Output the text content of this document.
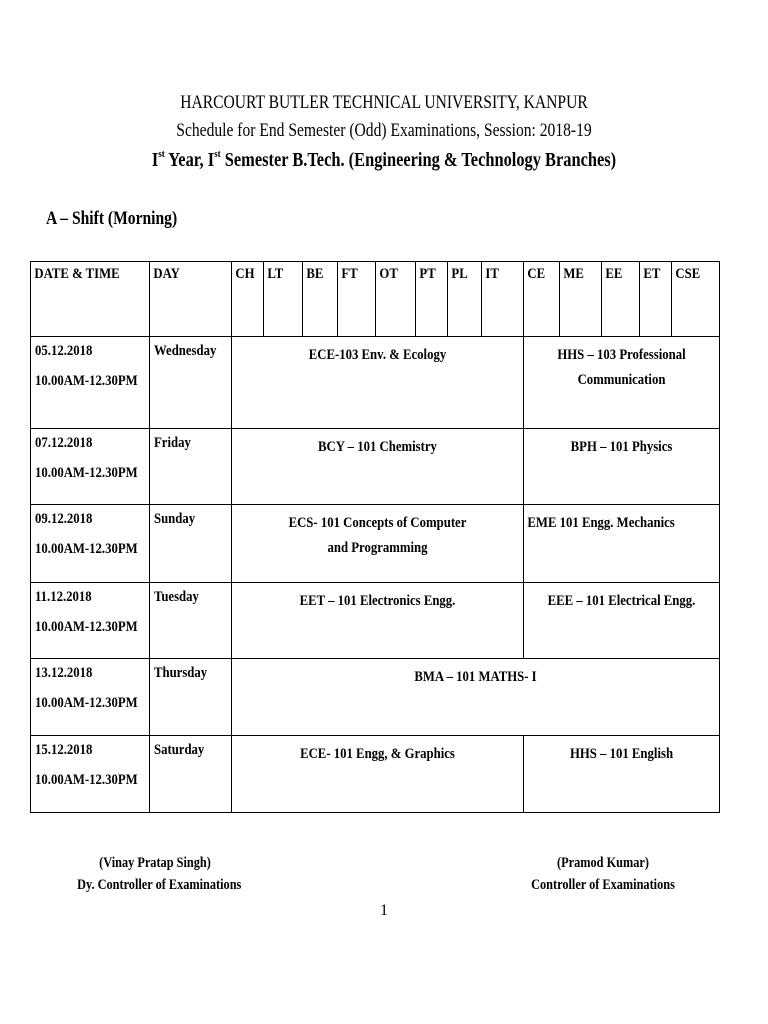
HARCOURT BUTLER TECHNICAL UNIVERSITY, KANPUR
Schedule for End Semester (Odd) Examinations, Session: 2018-19
Ist Year, Ist Semester B.Tech. (Engineering & Technology Branches)
A – Shift (Morning)
DATE & TIME	DAY	CH	LT	BE	FT	OT	PT	PL	IT	CE	ME	EE	ET	CSE

05.12.2018
10.00AM-12.30PM	Wednesday	ECE-103 Env. & Ecology								HHS – 103 Professional Communication				

07.12.2018
10.00AM-12.30PM	Friday	BCY – 101 Chemistry								BPH – 101 Physics				

09.12.2018
10.00AM-12.30PM	Sunday	ECS- 101 Concepts of Computer and Programming								EME 101 Engg. Mechanics				

11.12.2018
10.00AM-12.30PM	Tuesday	EET – 101 Electronics Engg.								EEE – 101 Electrical Engg.				

13.12.2018
10.00AM-12.30PM	Thursday	BMA – 101 MATHS- I												

15.12.2018
10.00AM-12.30PM	Saturday	ECE- 101 Engg, & Graphics								HHS – 101 English				
(Vinay Pratap Singh)
Dy. Controller of Examinations
(Pramod Kumar)
Controller of Examinations
1
